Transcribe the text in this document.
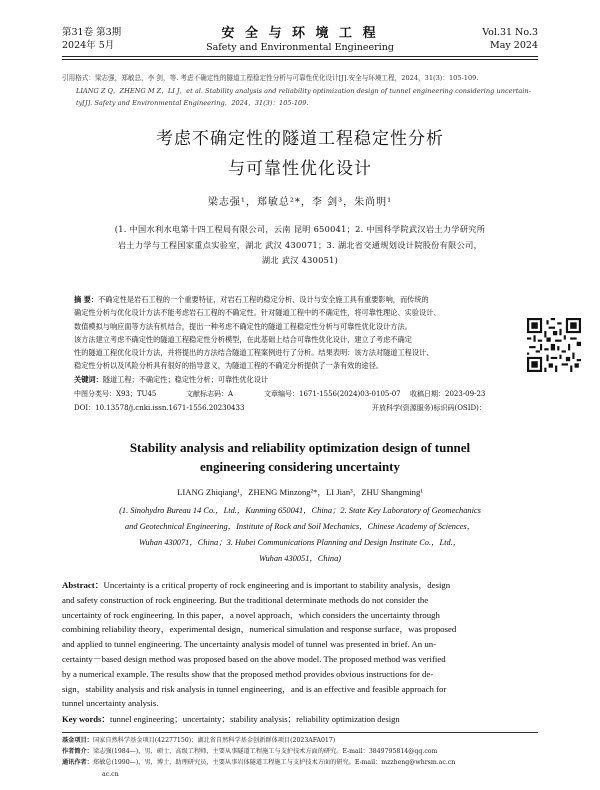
第31卷 第3期
2024年 5月
安 全 与 环 境 工 程
Safety and Environmental Engineering
Vol.31 No.3
May 2024
引用格式：梁志强，郑敏总，李 剑，等. 考虑不确定性的隧道工程稳定性分析与可靠性优化设计[J].安全与环境工程，2024，31(3)：105-109.
LIANG Z Q，ZHENG M Z，LI J，et al. Stability analysis and reliability optimization design of tunnel engineering considering uncertain-
ty[J]. Safety and Environmental Engineering，2024，31(3)：105-109.
考虑不确定性的隧道工程稳定性分析
与可靠性优化设计
梁志强¹，郑敏总²*，李 剑³，朱尚明¹
(1. 中国水利水电第十四工程局有限公司，云南 昆明 650041；2. 中国科学院武汉岩土力学研究所
岩土力学与工程国家重点实验室，湖北 武汉 430071；3. 湖北省交通规划设计院股份有限公司，
湖北 武汉 430051)
摘 要：不确定性是岩石工程的一个重要特征，对岩石工程的稳定分析、设计与安全施工具有重要影响，而传统的
确定性分析与优化设计方法不能考虑岩石工程的不确定性。针对隧道工程中的不确定性，将可靠性理论、实验设计、
数值模拟与响应面等方法有机结合，提出一种考虑不确定性的隧道工程稳定性分析与可靠性优化设计方法。
该方法建立考虑不确定性的隧道工程稳定性分析模型，在此基础上结合可靠性优化设计，建立了考虑不确定
性的隧道工程优化设计方法，并将提出的方法结合隧道工程案例进行了分析。结果表明：该方法对隧道工程设计、
稳定性分析以及风险分析具有很好的指导意义，为隧道工程的不确定分析提供了一条有效的途径。
关键词：隧道工程；不确定性；稳定性分析；可靠性优化设计
中图分类号：X93；TU45	文献标志码：A	文章编号：1671-1556(2024)03-0105-07 收稿日期：2023-09-23
DOI：10.13578/j.cnki.issn.1671-1556.20230433	开放科学(资源服务)标识码(OSID)：
Stability analysis and reliability optimization design of tunnel
engineering considering uncertainty
LIANG Zhiqiang¹，ZHENG Minzong²*，LI Jian³，ZHU Shangming¹
(1. Sinohydro Bureau 14 Co.，Ltd.，Kunming 650041，China；2. State Key Laboratory of Geomechanics
and Geotechnical Engineering，Institute of Rock and Soil Mechanics，Chinese Academy of Sciences，
Wuhan 430071，China；3. Hubei Communications Planning and Design Institute Co.，Ltd.，
Wuhan 430051，China)
Abstract：Uncertainty is a critical property of rock engineering and is important to stability analysis，design
and safety construction of rock engineering. But the traditional determinate methods do not consider the
uncertainty of rock engineering. In this paper，a novel approach，which considers the uncertainty through
combining reliability theory，experimental design，numerical simulation and response surface，was proposed
and applied to tunnel engineering. The uncertainty analysis model of tunnel was presented in brief. An un-
certainty－based design method was proposed based on the above model. The proposed method was verified
by a numerical example. The results show that the proposed method provides obvious instructions for de-
sign，stability analysis and risk analysis in tunnel engineering，and is an effective and feasible approach for
tunnel uncertainty analysis.
Key words：tunnel engineering；uncertainty；stability analysis；reliability optimization design
基金项目：国家自然科学基金项目(42277150)；湖北省自然科学基金创新群体项目(2023AFA017)
作者简介：梁志强(1984—)，男，硕士，高级工程师，主要从事隧道工程施工与支护技术方面的研究。E-mail：3849795814@qq.com
通讯作者：郑敏总(1990—)，男，博士，助理研究员，主要从事岩体隧道工程施工与支护技术方面的研究。E-mail：mzzheng@whrsm.ac.cn
ac.cn
